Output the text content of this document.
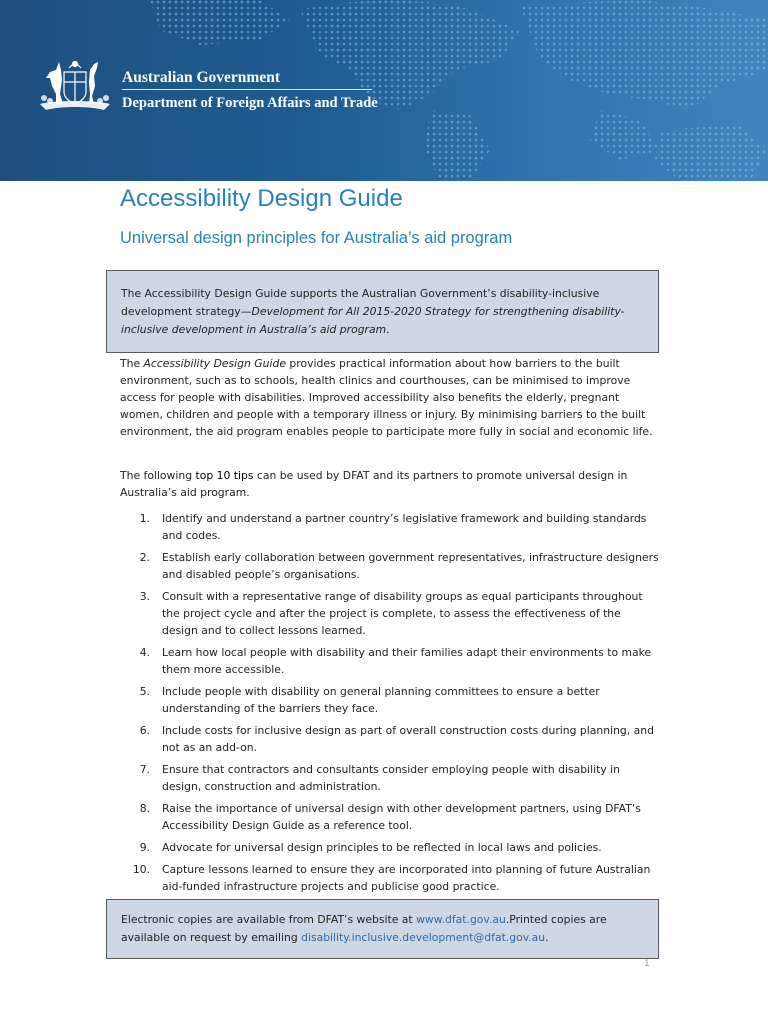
Australian Government
Department of Foreign Affairs and Trade
Accessibility Design Guide
Universal design principles for Australia’s aid program
The Accessibility Design Guide supports the Australian Government’s disability-inclusive development strategy—Development for All 2015-2020 Strategy for strengthening disability-inclusive development in Australia’s aid program.

The Accessibility Design Guide provides practical information about how barriers to the built environment, such as to schools, health clinics and courthouses, can be minimised to improve access for people with disabilities. Improved accessibility also benefits the elderly, pregnant women, children and people with a temporary illness or injury. By minimising barriers to the built environment, the aid program enables people to participate more fully in social and economic life.

The following top 10 tips can be used by DFAT and its partners to promote universal design in Australia’s aid program.

1. Identify and understand a partner country’s legislative framework and building standards and codes.
2. Establish early collaboration between government representatives, infrastructure designers and disabled people’s organisations.
3. Consult with a representative range of disability groups as equal participants throughout the project cycle and after the project is complete, to assess the effectiveness of the design and to collect lessons learned.
4. Learn how local people with disability and their families adapt their environments to make them more accessible.
5. Include people with disability on general planning committees to ensure a better understanding of the barriers they face.
6. Include costs for inclusive design as part of overall construction costs during planning, and not as an add-on.
7. Ensure that contractors and consultants consider employing people with disability in design, construction and administration.
8. Raise the importance of universal design with other development partners, using DFAT’s Accessibility Design Guide as a reference tool.
9. Advocate for universal design principles to be reflected in local laws and policies.
10. Capture lessons learned to ensure they are incorporated into planning of future Australian aid-funded infrastructure projects and publicise good practice.
Electronic copies are available from DFAT’s website at www.dfat.gov.au.Printed copies are available on request by emailing disability.inclusive.development@dfat.gov.au.
1
